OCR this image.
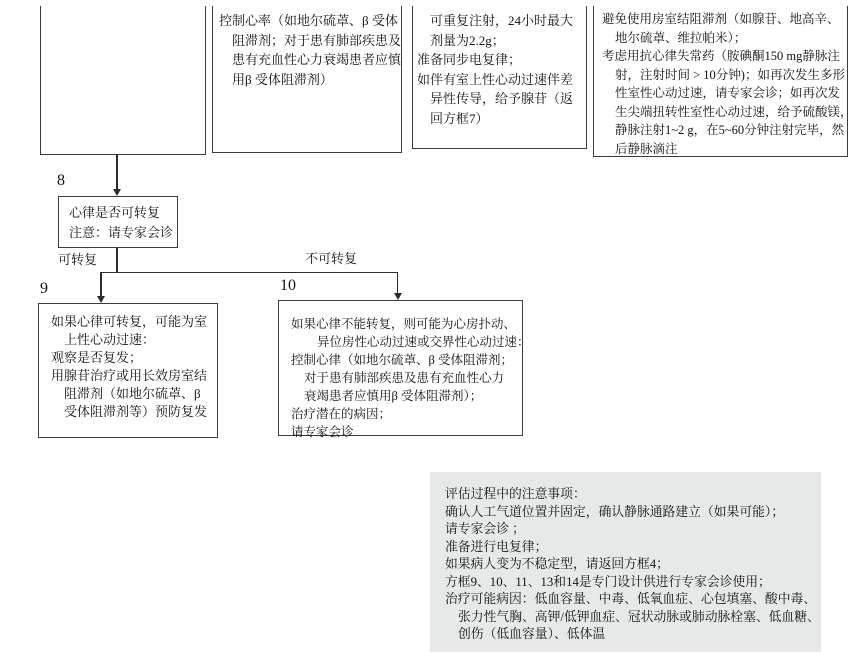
控制心率（如地尔硫䓬、β 受体
阻滞剂；对于患有肺部疾患及
患有充血性心力衰竭患者应慎
用β 受体阻滞剂）
可重复注射，24小时最大
剂量为2.2g；
准备同步电复律；
如伴有室上性心动过速伴差
异性传导，给予腺苷（返
回方框7）
避免使用房室结阻滞剂（如腺苷、地高辛、
地尔硫䓬、维拉帕米）；
考虑用抗心律失常药（胺碘酮150 mg静脉注
射，注射时间 > 10分钟)；如再次发生多形
性室性心动过速，请专家会诊；如再次发
生尖端扭转性室性心动过速，给予硫酸镁，
静脉注射1~2 g，在5~60分钟注射完毕，然
后静脉滴注
8
心律是否可转复
注意：请专家会诊
可转复	不可转复
9
如果心律可转复，可能为室
上性心动过速：
观察是否复发；
用腺苷治疗或用长效房室结
阻滞剂（如地尔硫䓬、β
受体阻滞剂等）预防复发
10
如果心律不能转复，则可能为心房扑动、
异位房性心动过速或交界性心动过速：
控制心律（如地尔硫䓬、β 受体阻滞剂；
对于患有肺部疾患及患有充血性心力
衰竭患者应慎用β 受体阻滞剂）；
治疗潜在的病因；
请专家会诊
评估过程中的注意事项：
确认人工气道位置并固定，确认静脉通路建立（如果可能）；
请专家会诊 ；
准备进行电复律；
如果病人变为不稳定型，请返回方框4；
方框9、10、11、13和14是专门设计供进行专家会诊使用；
治疗可能病因：低血容量、中毒、低氧血症、心包填塞、酸中毒、
张力性气胸、高钾/低钾血症、冠状动脉或肺动脉栓塞、低血糖、
创伤（低血容量）、低体温
